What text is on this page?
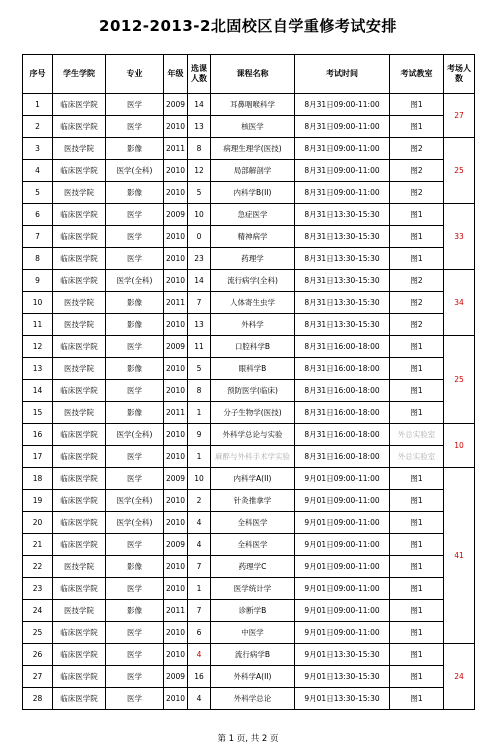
2012-2013-2北固校区自学重修考试安排
序号	学生学院	专业	年级	选课人数	课程名称	考试时间	考试教室	考场人数
1	临床医学院	医学	2009	14	耳鼻咽喉科学	8月31日09:00-11:00	图1	27
2	临床医学院	医学	2010	13	核医学	8月31日09:00-11:00	图1	
3	医技学院	影像	2011	8	病理生理学(医技)	8月31日09:00-11:00	图2	25
4	临床医学院	医学(全科)	2010	12	局部解剖学	8月31日09:00-11:00	图2	
5	医技学院	影像	2010	5	内科学B(II)	8月31日09:00-11:00	图2	
6	临床医学院	医学	2009	10	急症医学	8月31日13:30-15:30	图1	33
7	临床医学院	医学	2010	0	精神病学	8月31日13:30-15:30	图1	
8	临床医学院	医学	2010	23	药理学	8月31日13:30-15:30	图1	
9	临床医学院	医学(全科)	2010	14	流行病学(全科)	8月31日13:30-15:30	图2	34
10	医技学院	影像	2011	7	人体寄生虫学	8月31日13:30-15:30	图2	
11	医技学院	影像	2010	13	外科学	8月31日13:30-15:30	图2	
12	临床医学院	医学	2009	11	口腔科学B	8月31日16:00-18:00	图1	25
13	医技学院	影像	2010	5	眼科学B	8月31日16:00-18:00	图1	
14	临床医学院	医学	2010	8	预防医学(临床)	8月31日16:00-18:00	图1	
15	医技学院	影像	2011	1	分子生物学(医技)	8月31日16:00-18:00	图1	
16	临床医学院	医学(全科)	2010	9	外科学总论与实验	8月31日16:00-18:00	外总实验室	10
17	临床医学院	医学	2010	1	麻醉与外科手术学实验	8月31日16:00-18:00	外总实验室	
18	临床医学院	医学	2009	10	内科学A(II)	9月01日09:00-11:00	图1	41
19	临床医学院	医学(全科)	2010	2	针灸推拿学	9月01日09:00-11:00	图1	
20	临床医学院	医学(全科)	2010	4	全科医学	9月01日09:00-11:00	图1	
21	临床医学院	医学	2009	4	全科医学	9月01日09:00-11:00	图1	
22	医技学院	影像	2010	7	药理学C	9月01日09:00-11:00	图1	
23	临床医学院	医学	2010	1	医学统计学	9月01日09:00-11:00	图1	
24	医技学院	影像	2011	7	诊断学B	9月01日09:00-11:00	图1	
25	临床医学院	医学	2010	6	中医学	9月01日09:00-11:00	图1	
26	临床医学院	医学	2010	4	流行病学B	9月01日13:30-15:30	图1	24
27	临床医学院	医学	2009	16	外科学A(II)	9月01日13:30-15:30	图1	
28	临床医学院	医学	2010	4	外科学总论	9月01日13:30-15:30	图1	
第 1 页, 共 2 页
